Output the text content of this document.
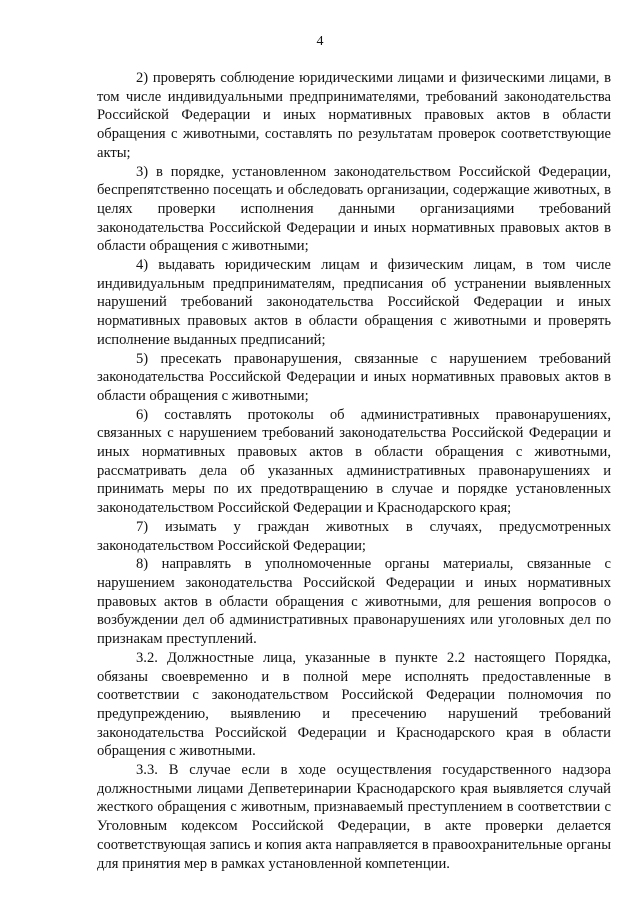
4

2) проверять соблюдение юридическими лицами и физическими лицами, в том числе индивидуальными предпринимателями, требований законодательства Российской Федерации и иных нормативных правовых актов в области обращения с животными, составлять по результатам проверок соответствующие акты;

3) в порядке, установленном законодательством Российской Федерации, беспрепятственно посещать и обследовать организации, содержащие животных, в целях проверки исполнения данными организациями требований законодательства Российской Федерации и иных нормативных правовых актов в области обращения с животными;

4) выдавать юридическим лицам и физическим лицам, в том числе индивидуальным предпринимателям, предписания об устранении выявленных нарушений требований законодательства Российской Федерации и иных нормативных правовых актов в области обращения с животными и проверять исполнение выданных предписаний;

5) пресекать правонарушения, связанные с нарушением требований законодательства Российской Федерации и иных нормативных правовых актов в области обращения с животными;

6) составлять протоколы об административных правонарушениях, связанных с нарушением требований законодательства Российской Федерации и иных нормативных правовых актов в области обращения с животными, рассматривать дела об указанных административных правонарушениях и принимать меры по их предотвращению в случае и порядке установленных законодательством Российской Федерации и Краснодарского края;

7) изымать у граждан животных в случаях, предусмотренных законодательством Российской Федерации;

8) направлять в уполномоченные органы материалы, связанные с нарушением законодательства Российской Федерации и иных нормативных правовых актов в области обращения с животными, для решения вопросов о возбуждении дел об административных правонарушениях или уголовных дел по признакам преступлений.

3.2. Должностные лица, указанные в пункте 2.2 настоящего Порядка, обязаны своевременно и в полной мере исполнять предоставленные в соответствии с законодательством Российской Федерации полномочия по предупреждению, выявлению и пресечению нарушений требований законодательства Российской Федерации и Краснодарского края в области обращения с животными.

3.3. В случае если в ходе осуществления государственного надзора должностными лицами Депветеринарии Краснодарского края выявляется случай жесткого обращения с животным, признаваемый преступлением в соответствии с Уголовным кодексом Российской Федерации, в акте проверки делается соответствующая запись и копия акта направляется в правоохранительные органы для принятия мер в рамках установленной компетенции.
